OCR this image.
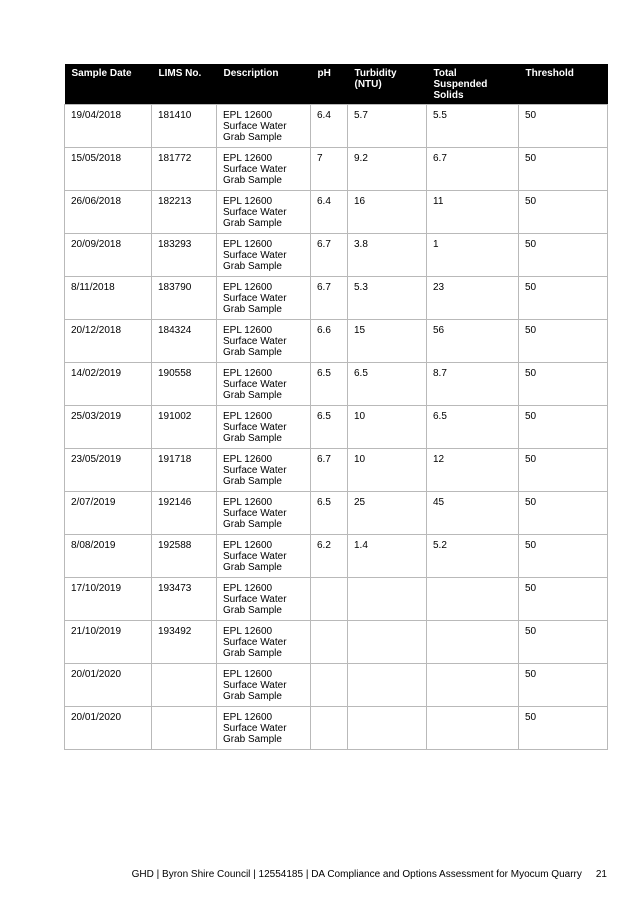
Sample Date	LIMS No.	Description	pH	Turbidity (NTU)	Total Suspended Solids	Threshold
19/04/2018	181410	EPL 12600 Surface Water Grab Sample	6.4	5.7	5.5	50
15/05/2018	181772	EPL 12600 Surface Water Grab Sample	7	9.2	6.7	50
26/06/2018	182213	EPL 12600 Surface Water Grab Sample	6.4	16	11	50
20/09/2018	183293	EPL 12600 Surface Water Grab Sample	6.7	3.8	1	50
8/11/2018	183790	EPL 12600 Surface Water Grab Sample	6.7	5.3	23	50
20/12/2018	184324	EPL 12600 Surface Water Grab Sample	6.6	15	56	50
14/02/2019	190558	EPL 12600 Surface Water Grab Sample	6.5	6.5	8.7	50
25/03/2019	191002	EPL 12600 Surface Water Grab Sample	6.5	10	6.5	50
23/05/2019	191718	EPL 12600 Surface Water Grab Sample	6.7	10	12	50
2/07/2019	192146	EPL 12600 Surface Water Grab Sample	6.5	25	45	50
8/08/2019	192588	EPL 12600 Surface Water Grab Sample	6.2	1.4	5.2	50
17/10/2019	193473	EPL 12600 Surface Water Grab Sample				50
21/10/2019	193492	EPL 12600 Surface Water Grab Sample				50
20/01/2020		EPL 12600 Surface Water Grab Sample				50
20/01/2020		EPL 12600 Surface Water Grab Sample				50
GHD | Byron Shire Council | 12554185 | DA Compliance and Options Assessment for Myocum Quarry 21
